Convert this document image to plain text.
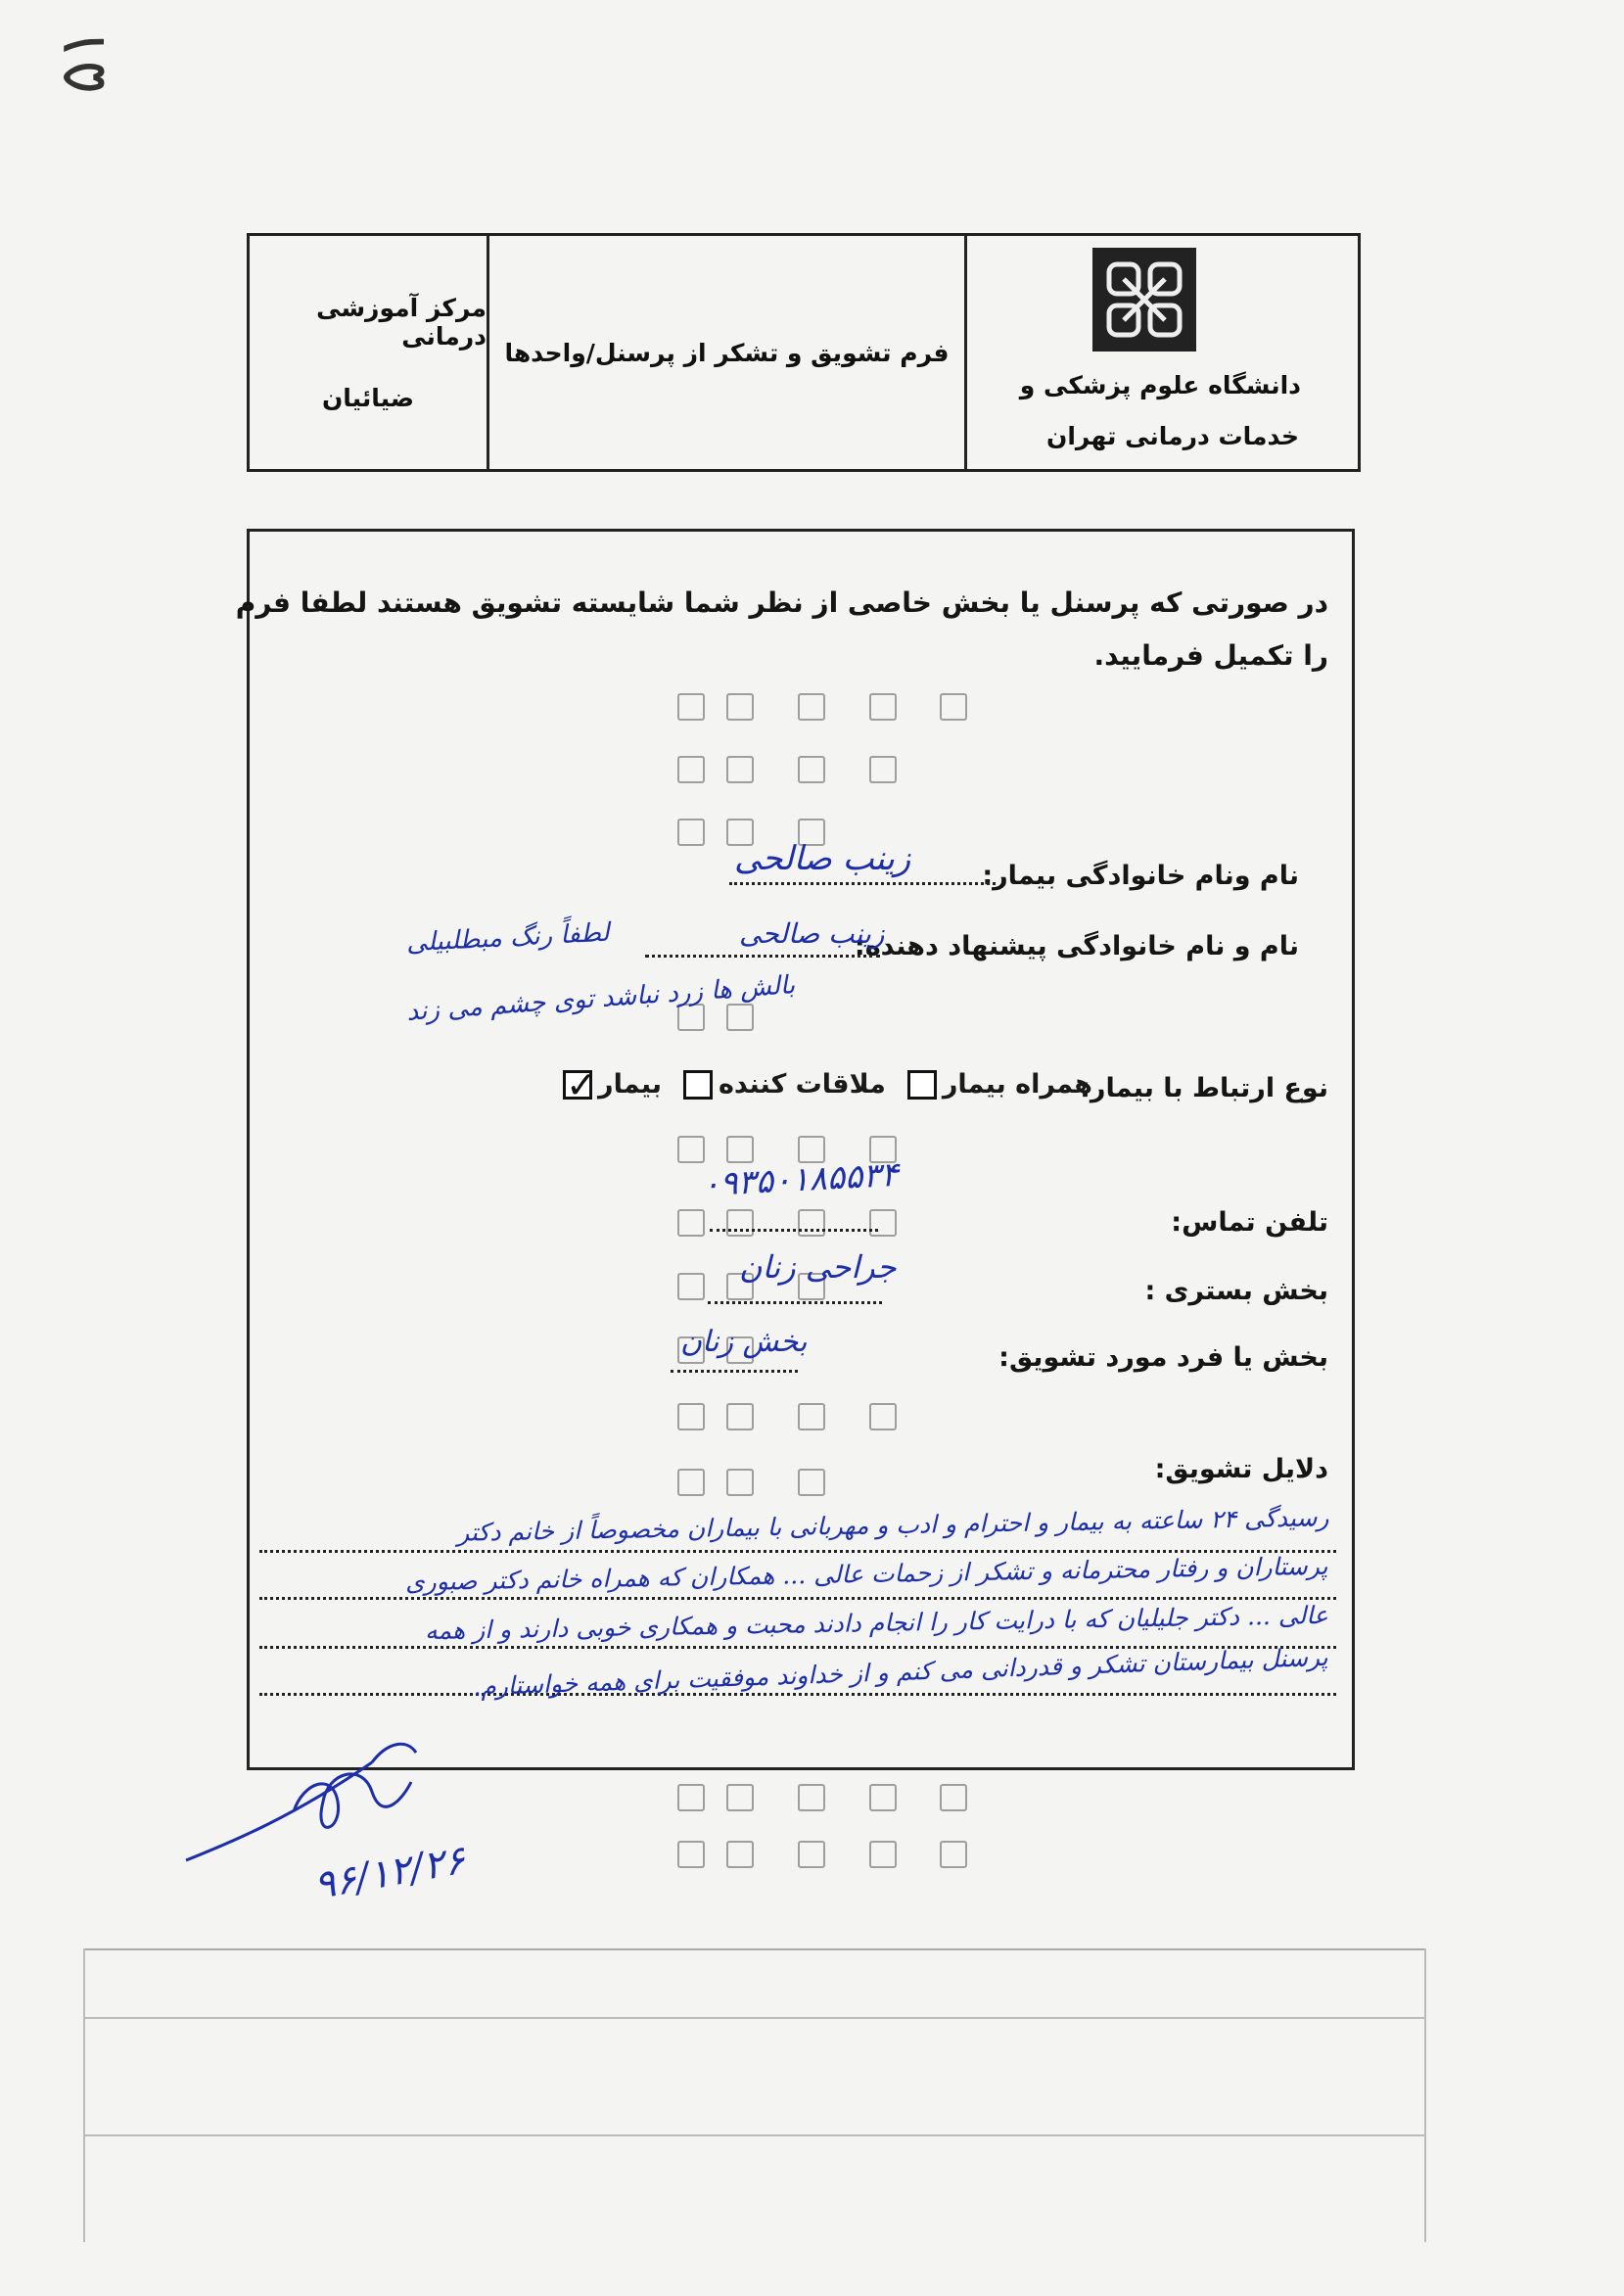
۵۱
مرکز آموزشی درمانی
ضیائیان
فرم تشویق و تشکر از پرسنل/واحدها
دانشگاه علوم پزشکی و
خدمات درمانی تهران
در صورتی که پرسنل یا بخش خاصی از نظر شما شایسته تشویق هستند لطفا فرم
را تکمیل فرمایید.
نام ونام خانوادگی بیمار:
زینب صالحی
نام و نام خانوادگی پیشنهاد دهنده:
زینب صالحی
لطفاً رنگ مبطلبیلی
بالش ها زرد نباشد توی چشم می زند
نوع ارتباط با بیمار:
همراه بیمار
ملاقات کننده
بیمار
✓
تلفن تماس:
۰۹۳۵۰۱۸۵۵۳۴
بخش بستری :
جراحی زنان
بخش یا فرد مورد تشویق:
بخش زنان
دلایل تشویق:
رسیدگی ۲۴ ساعته به بیمار و احترام و ادب و مهربانی با بیماران مخصوصاً از خانم دکتر
پرستاران و رفتار محترمانه و تشکر از زحمات عالی ... همکاران که همراه خانم دکتر صبوری
عالی ... دکتر جلیلیان که با درایت کار را انجام دادند محبت و همکاری خوبی دارند و از همه
پرسنل بیمارستان تشکر و قدردانی می کنم و از خداوند موفقیت برای همه خواستارم.
۹۶/۱۲/۲۶
